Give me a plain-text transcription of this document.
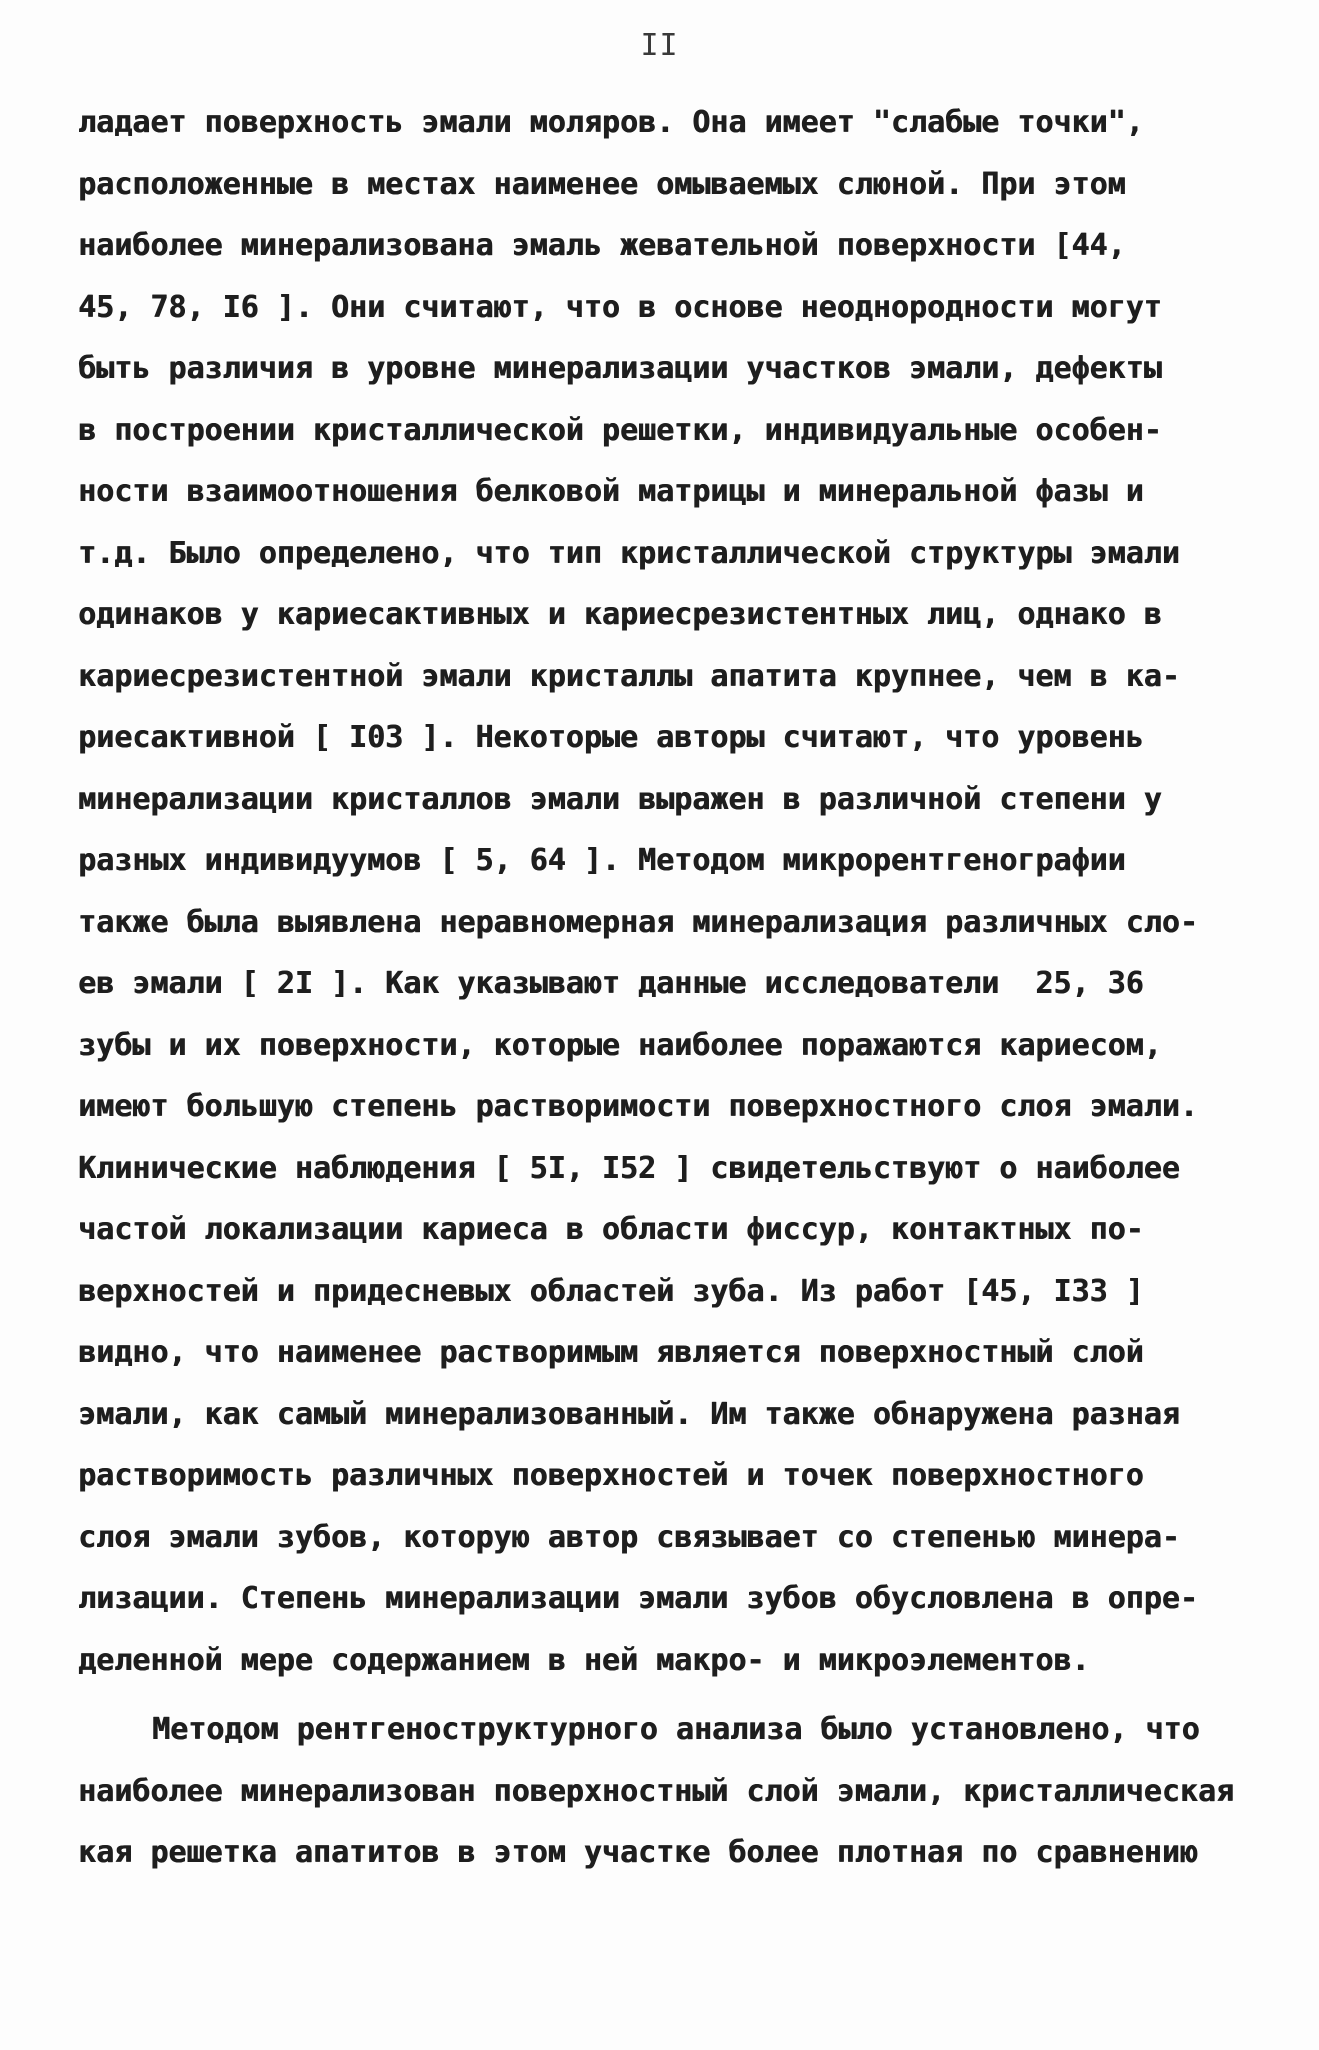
II
ладает поверхность эмали моляров. Она имеет "слабые точки",
расположенные в местах наименее омываемых слюной. При этом
наиболее минерализована эмаль жевательной поверхности [44,
45, 78, I6 ]. Они считают, что в основе неоднородности могут
быть различия в уровне минерализации участков эмали, дефекты
в построении кристаллической решетки, индивидуальные особен-
ности взаимоотношения белковой матрицы и минеральной фазы и
т.д. Было определено, что тип кристаллической структуры эмали
одинаков у кариесактивных и кариесрезистентных лиц, однако в
кариесрезистентной эмали кристаллы апатита крупнее, чем в ка-
риесактивной [ I03 ]. Некоторые авторы считают, что уровень
минерализации кристаллов эмали выражен в различной степени у
разных индивидуумов [ 5, 64 ]. Методом микрорентгенографии
также была выявлена неравномерная минерализация различных сло-
ев эмали [ 2I ]. Как указывают данные исследователи  25, 36
зубы и их поверхности, которые наиболее поражаются кариесом,
имеют большую степень растворимости поверхностного слоя эмали.
Клинические наблюдения [ 5I, I52 ] свидетельствуют о наиболее
частой локализации кариеса в области фиссур, контактных по-
верхностей и придесневых областей зуба. Из работ [45, I33 ]
видно, что наименее растворимым является поверхностный слой
эмали, как самый минерализованный. Им также обнаружена разная
растворимость различных поверхностей и точек поверхностного
слоя эмали зубов, которую автор связывает со степенью минера-
лизации. Степень минерализации эмали зубов обусловлена в опре-
деленной мере содержанием в ней макро- и микроэлементов.
Методом рентгеноструктурного анализа было установлено, что
наиболее минерализован поверхностный слой эмали, кристаллическая
кая решетка апатитов в этом участке более плотная по сравнению
